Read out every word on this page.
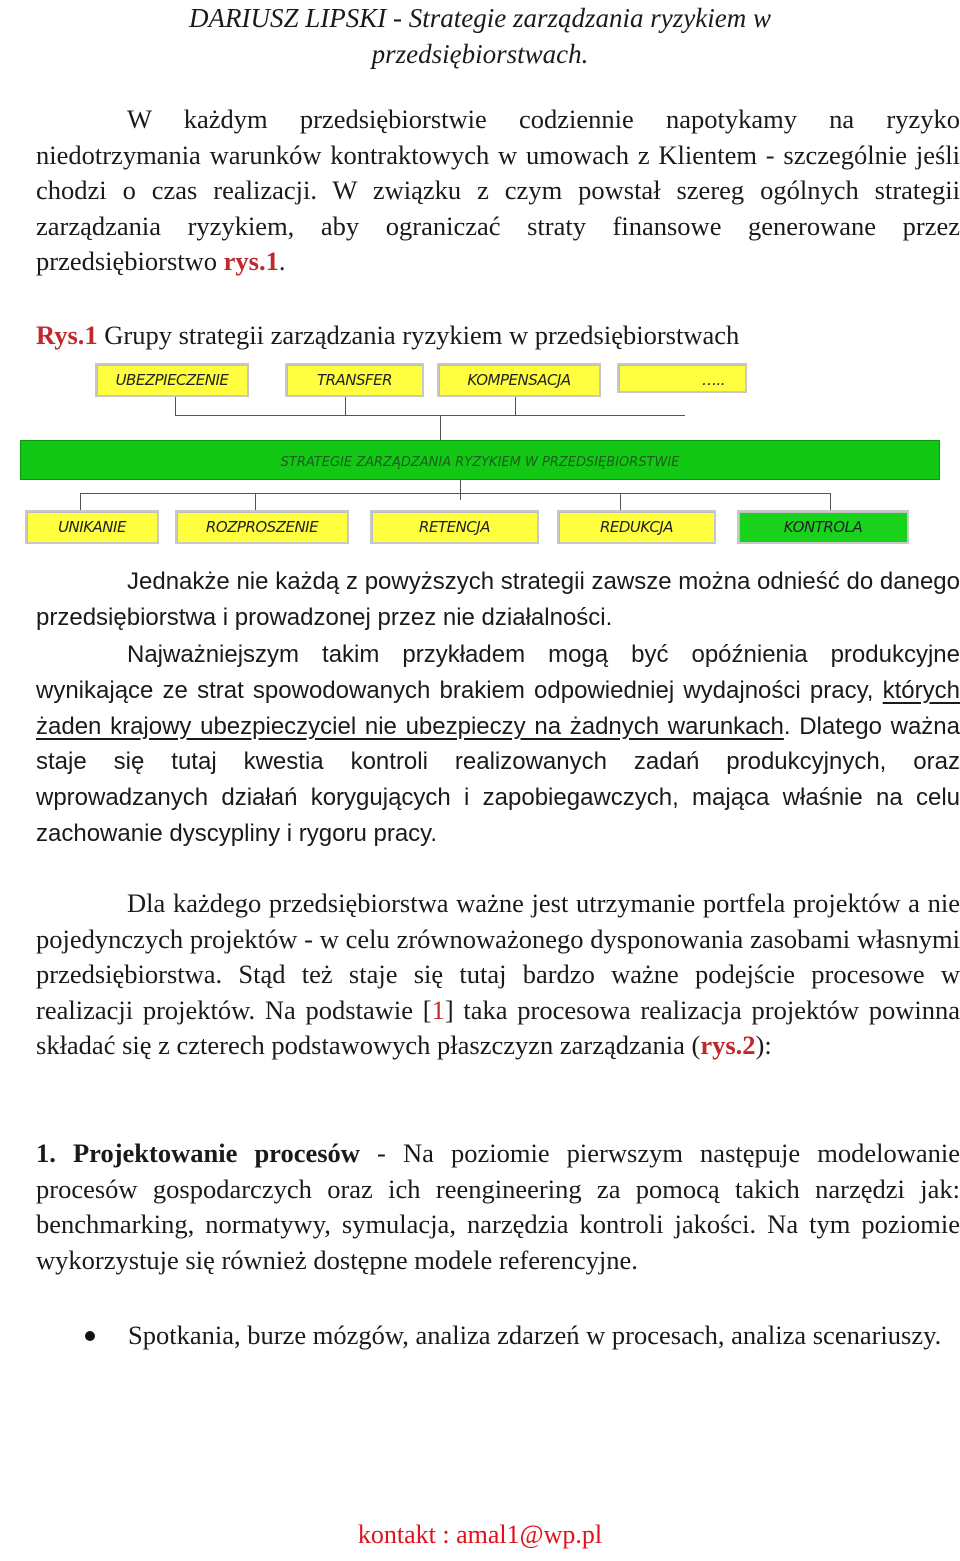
DARIUSZ LIPSKI - Strategie zarządzania ryzykiem w
przedsiębiorstwach.

W każdym przedsiębiorstwie codziennie napotykamy na ryzyko niedotrzymania warunków kontraktowych w umowach z Klientem - szczególnie jeśli chodzi o czas realizacji. W związku z czym powstał szereg ogólnych strategii zarządzania ryzykiem, aby ograniczać straty finansowe generowane przez przedsiębiorstwo rys.1.

Rys.1 Grupy strategii zarządzania ryzykiem w przedsiębiorstwach
UBEZPIECZENIE	TRANSFER	KOMPENSACJA	…..
STRATEGIE ZARZĄDZANIA RYZYKIEM W PRZEDSIĘBIORSTWIE
UNIKANIE	ROZPROSZENIE	RETENCJA	REDUKCJA	KONTROLA

Jednakże nie każdą z powyższych strategii zawsze można odnieść do danego przedsiębiorstwa i prowadzonej przez nie działalności.

Najważniejszym takim przykładem mogą być opóźnienia produkcyjne wynikające ze strat spowodowanych brakiem odpowiedniej wydajności pracy, których żaden krajowy ubezpieczyciel nie ubezpieczy na żadnych warunkach. Dlatego ważna staje się tutaj kwestia kontroli realizowanych zadań produkcyjnych, oraz wprowadzanych działań korygujących i zapobiegawczych, mająca właśnie na celu zachowanie dyscypliny i rygoru pracy.

Dla każdego przedsiębiorstwa ważne jest utrzymanie portfela projektów a nie pojedynczych projektów - w celu zrównoważonego dysponowania zasobami własnymi przedsiębiorstwa. Stąd też staje się tutaj bardzo ważne podejście procesowe w realizacji projektów. Na podstawie [1] taka procesowa realizacja projektów powinna składać się z czterech podstawowych płaszczyzn zarządzania (rys.2):

1. Projektowanie procesów - Na poziomie pierwszym następuje modelowanie procesów gospodarczych oraz ich reengineering za pomocą takich narzędzi jak: benchmarking, normatywy, symulacja, narzędzia kontroli jakości. Na tym poziomie wykorzystuje się również dostępne modele referencyjne.

Spotkania, burze mózgów, analiza zdarzeń w procesach, analiza scenariuszy.

kontakt : amal1@wp.pl
